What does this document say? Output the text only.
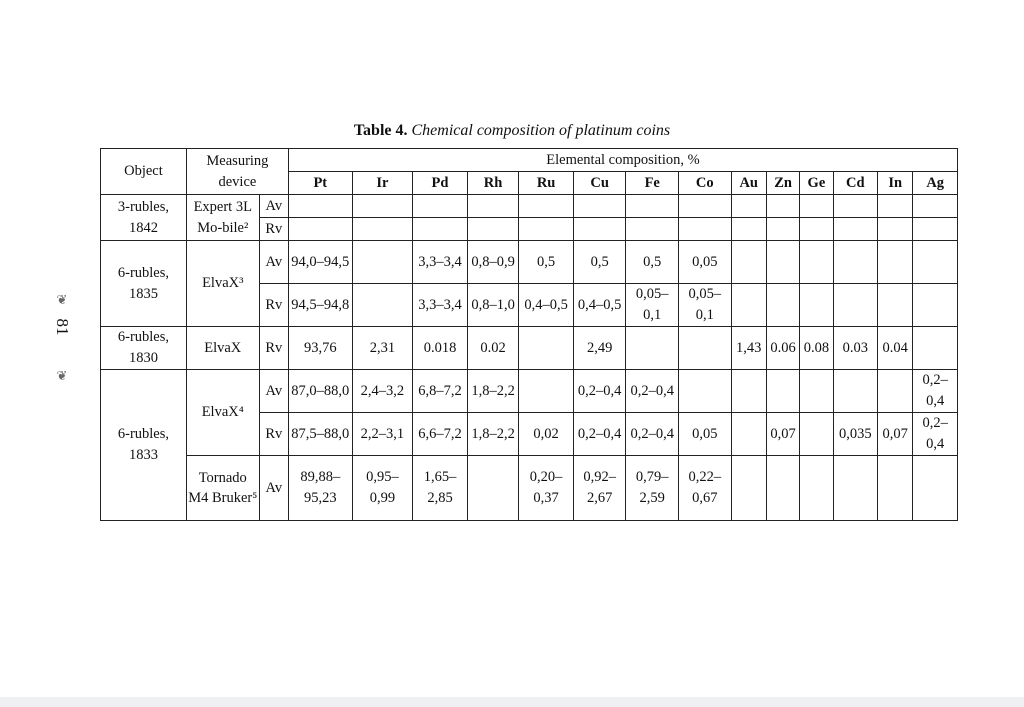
Table 4. Chemical composition of platinum coins
❦
81
❦
Object	Measuring device		Elemental composition, %													
			Pt	Ir	Pd	Rh	Ru	Cu	Fe	Co	Au	Zn	Ge	Cd	In	Ag
3-rubles, 1842	Expert 3L Mo-bile²	Av														
		Rv														
6-rubles, 1835	ElvaX³	Av	94,0–94,5		3,3–3,4	0,8–0,9	0,5	0,5	0,5	0,05						
		Rv	94,5–94,8		3,3–3,4	0,8–1,0	0,4–0,5	0,4–0,5	0,05–0,1	0,05–0,1						
6-rubles, 1830	ElvaX	Rv	93,76	2,31	0.018	0.02		2,49			1,43	0.06	0.08	0.03	0.04	
6-rubles, 1833	ElvaX⁴	Av	87,0–88,0	2,4–3,2	6,8–7,2	1,8–2,2		0,2–0,4	0,2–0,4							0,2–0,4
		Rv	87,5–88,0	2,2–3,1	6,6–7,2	1,8–2,2	0,02	0,2–0,4	0,2–0,4	0,05		0,07		0,035	0,07	0,2–0,4
	Tornado M4 Bruker⁵	Av	89,88–95,23	0,95–0,99	1,65–2,85		0,20–0,37	0,92–2,67	0,79–2,59	0,22–0,67						
